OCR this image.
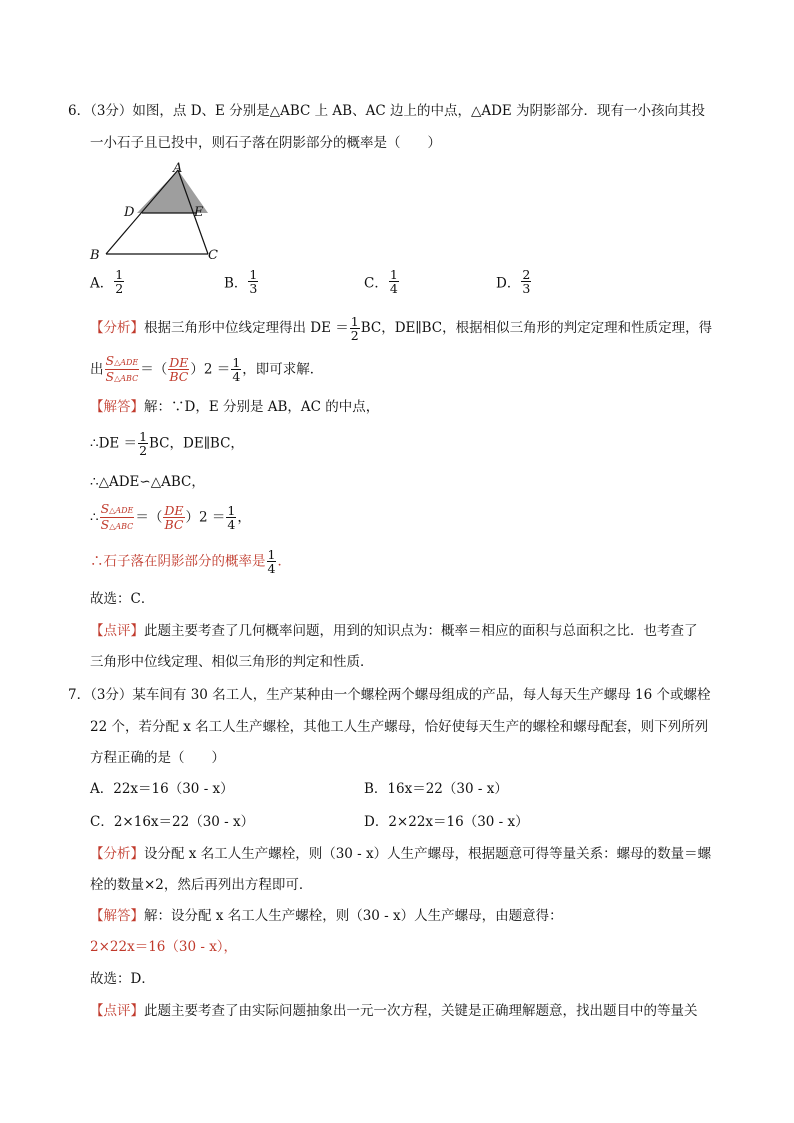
6．（3分）如图，点 D、E 分别是△ABC 上 AB、AC 边上的中点，△ADE 为阴影部分．现有一小孩向其投
一小石子且已投中，则石子落在阴影部分的概率是（　　）
A
D	E
B	C
A． $\frac{1}{2}$	B． $\frac{1}{3}$	C． $\frac{1}{4}$	D． $\frac{2}{3}$
【分析】根据三角形中位线定理得出 DE ＝ $\frac{1}{2}$ BC，DE∥BC，根据相似三角形的判定定理和性质定理，得
出 $\frac{\text{S△ADE}}{\text{S△ABC}}$ ＝（ $\frac{DE}{BC} )2 = \frac{1}{4}$ ，即可求解．
【解答】解：∵D，E 分别是 AB，AC 的中点，
∴DE ＝ $\frac{1}{2}$ BC，DE∥BC，
∴△ADE∽△ABC，
∴ $\frac{\text{S△ADE}}{\text{S△ABC}}$ ＝（ $\frac{DE}{BC} )2 = \frac{1}{4}$ ，
∴石子落在阴影部分的概率是 $\frac{1}{4}$ ．
故选：C．
【点评】此题主要考查了几何概率问题，用到的知识点为：概率＝相应的面积与总面积之比．也考查了
三角形中位线定理、相似三角形的判定和性质．
7．（3分）某车间有 30 名工人，生产某种由一个螺栓两个螺母组成的产品，每人每天生产螺母 16 个或螺栓
22 个，若分配 x 名工人生产螺栓，其他工人生产螺母，恰好使每天生产的螺栓和螺母配套，则下列所列
方程正确的是（　　）
A．22x＝16（30 - x）	B．16x＝22（30 - x）
C．2×16x＝22（30 - x）	D．2×22x＝16（30 - x）
【分析】设分配 x 名工人生产螺栓，则（30 - x）人生产螺母，根据题意可得等量关系：螺母的数量＝螺
栓的数量×2，然后再列出方程即可．
【解答】解：设分配 x 名工人生产螺栓，则（30 - x）人生产螺母，由题意得：
2×22x＝16（30 - x），
故选：D．
【点评】此题主要考查了由实际问题抽象出一元一次方程，关键是正确理解题意，找出题目中的等量关
